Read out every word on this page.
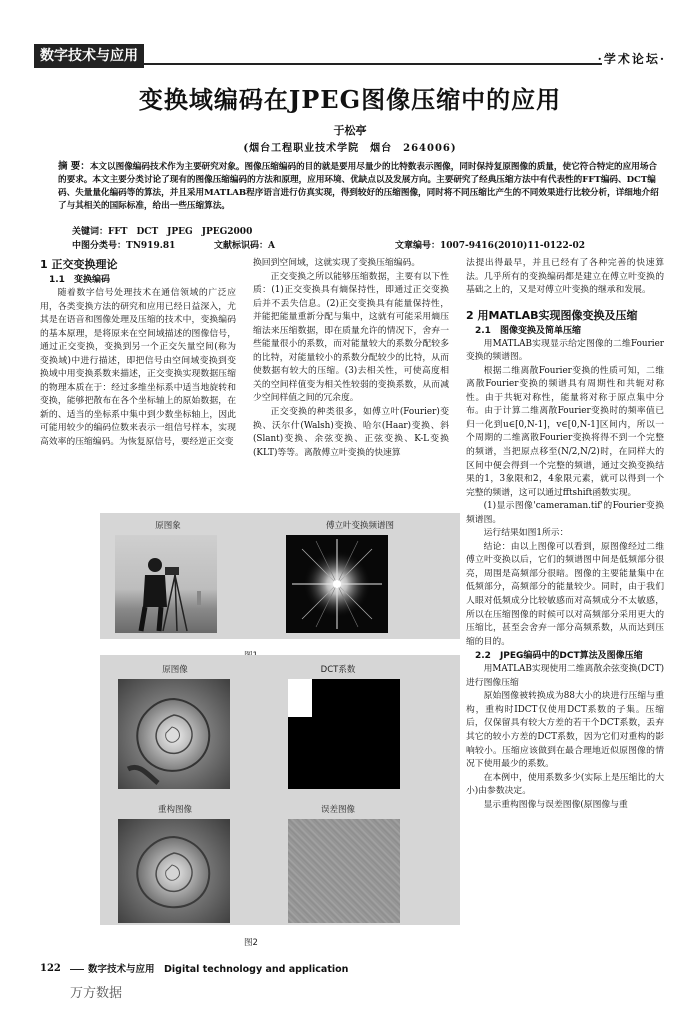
数字技术与应用	·学术论坛·
变换域编码在JPEG图像压缩中的应用
于松亭
(烟台工程职业技术学院　烟台　264006)
摘 要：本文以图像编码技术作为主要研究对象。图像压缩编码的目的就是要用尽量少的比特数表示图像，同时保持复原图像的质量，使它符合特定的应用场合的要求。本文主要分类讨论了现有的图像压缩编码的方法和原理，应用环境、优缺点以及发展方向。主要研究了经典压缩方法中有代表性的FFT编码、DCT编码、失量量化编码等的算法，并且采用MATLAB程序语言进行仿真实现，得到较好的压缩图像，同时将不同压缩比产生的不同效果进行比较分析，详细地介绍了与其相关的国际标准，给出一些压缩算法。
关键词：FFT　DCT　JPEG　JPEG2000
中图分类号：TN919.81	文献标识码：A	文章编号：1007-9416(2010)11-0122-02
1 正交变换理论
1.1　变换编码

随着数字信号处理技术在通信领域的广泛应用，各类变换方法的研究和应用已经日益深入，尤其是在语音和图像处理及压缩的技术中，变换编码的基本原理，是将原来在空间域描述的图像信号，通过正交变换，变换到另一个正交矢量空间(称为变换域)中进行描述，即把信号由空间域变换到变换域中用变换系数来描述，正交变换实现数据压缩的物理本质在于：经过多维坐标系中适当地旋转和变换，能够把散布在各个坐标轴上的原始数据，在新的、适当的坐标系中集中到少数坐标轴上，因此可能用较少的编码位数来表示一组信号样本，实现高效率的压缩编码。为恢复原信号，要经逆正交变

换回到空间域，这就实现了变换压缩编码。

正交变换之所以能够压缩数据，主要有以下性质：(1)正交变换具有熵保持性，即通过正交变换后并不丢失信息。(2)正交变换具有能量保持性，并能把能量重新分配与集中，这就有可能采用熵压缩法来压缩数据，即在质量允许的情况下，舍弃一些能量很小的系数，而对能量较大的系数分配较多的比特，对能量较小的系数分配较少的比特，从而使数据有较大的压缩。(3)去相关性，可使高度相关的空间样值变为相关性较弱的变换系数，从而减少空间样值之间的冗余度。

正交变换的种类很多，如傅立叶(Fourier)变换、沃尔什(Walsh)变换、哈尔(Haar)变换、斜(Slant)变换、余弦变换、正弦变换、K-L变换(KLT)等等。离散傅立叶变换的快速算

法提出得最早，并且已经有了各种完善的快速算法。几乎所有的变换编码都是建立在傅立叶变换的基础之上的，又是对傅立叶变换的继承和发展。

2 用MATLAB实现图像变换及压缩
2.1　图像变换及简单压缩

用MATLAB实现显示给定图像的二维Fourier变换的频谱图。

根据二维离散Fourier变换的性质可知，二维离散Fourier变换的频谱具有周期性和共轭对称性。由于共轭对称性，能量将对称于原点集中分布。由于计算二维离散Fourier变换时的频率值已归一化到u∈[0,N-1]，v∈[0,N-1]区间内，所以一个周期的二维离散Fourier变换将得不到一个完整的频谱，当把原点移至(N/2,N/2)时，在同样大的区间中便会得到一个完整的频谱，通过交换变换结果的1，3象限和2，4象限元素，就可以得到一个完整的频谱，这可以通过fftshift函数实现。

(1)显示图像'cameraman.tif'的Fourier变换频谱图。

运行结果如图1所示：

结论：由以上图像可以看到，原图像经过二维傅立叶变换以后，它们的频谱图中间是低频部分很亮，周围是高频部分很暗。图像的主要能量集中在低频部分，高频部分的能量较少。同时，由于我们人眼对低频成分比较敏感而对高频成分不太敏感，所以在压缩图像的时候可以对高频部分采用更大的压缩比，甚至会舍弃一部分高频系数，从而达到压缩的目的。

2.2　JPEG编码中的DCT算法及图像压缩

用MATLAB实现使用二维离散余弦变换(DCT)进行图像压缩

原始图像被转换成为88大小的块进行压缩与重构，重构时IDCT仅使用DCT系数的子集。压缩后，仅保留具有较大方差的若干个DCT系数，丢弃其它的较小方差的DCT系数，因为它们对重构的影响较小。压缩应该做到在最合理地近似原图像的情况下使用最少的系数。

在本例中，使用系数多少(实际上是压缩比的大小)由参数决定。

显示重构图像与误差图像(原图像与重

原图象	傅立叶变换频谱图
原图像	DCT系数
重构图像	误差图像
图2
122	数字技术与应用　Digital technology and application
万方数据
